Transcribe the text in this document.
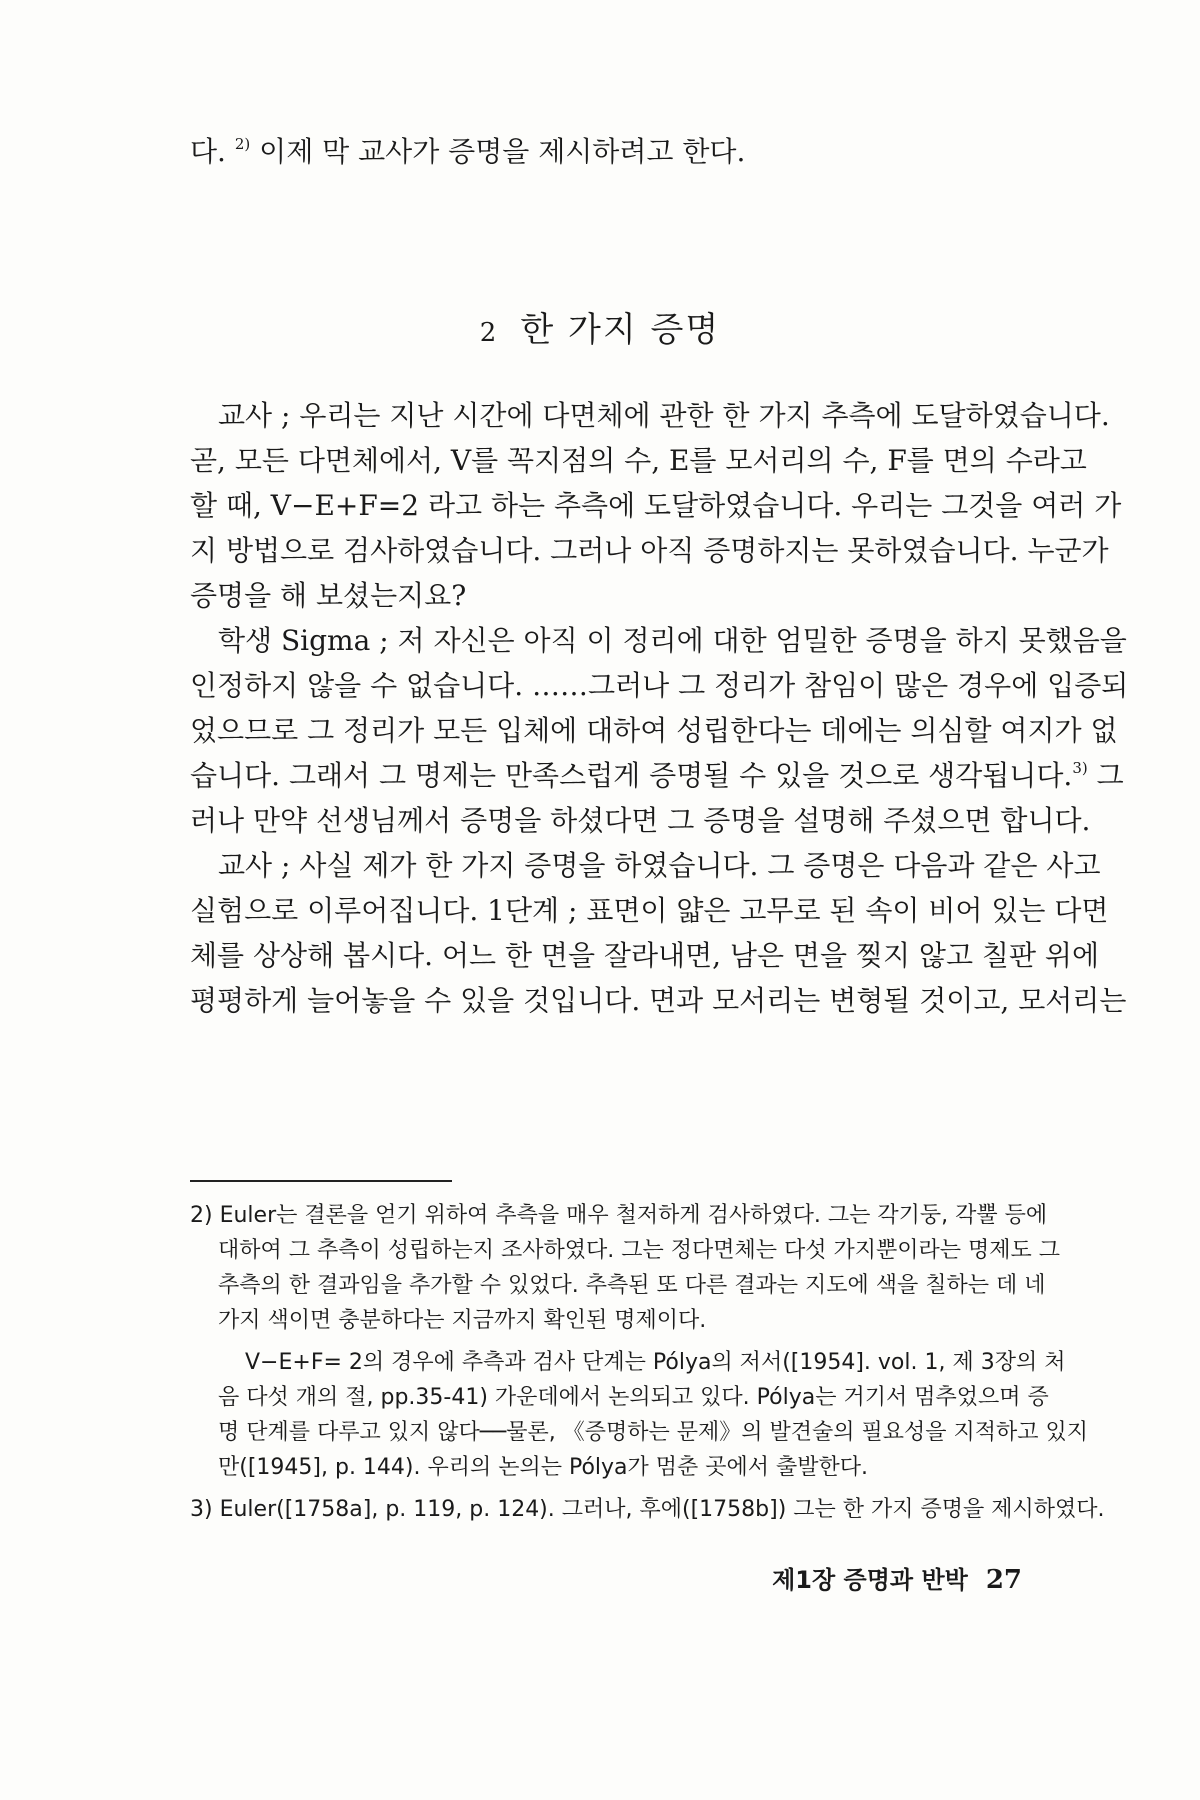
다. $^{2)}$ 이제 막 교사가 증명을 제시하려고 한다.
2 한 가지 증명
교사 ; 우리는 지난 시간에 다면체에 관한 한 가지 추측에 도달하였습니다.
곧, 모든 다면체에서, V를 꼭지점의 수, E를 모서리의 수, F를 면의 수라고
할 때, V−E+F=2 라고 하는 추측에 도달하였습니다. 우리는 그것을 여러 가
지 방법으로 검사하였습니다. 그러나 아직 증명하지는 못하였습니다. 누군가
증명을 해 보셨는지요?
학생 Sigma ; 저 자신은 아직 이 정리에 대한 엄밀한 증명을 하지 못했음을
인정하지 않을 수 없습니다. ……그러나 그 정리가 참임이 많은 경우에 입증되
었으므로 그 정리가 모든 입체에 대하여 성립한다는 데에는 의심할 여지가 없
습니다. 그래서 그 명제는 만족스럽게 증명될 수 있을 것으로 생각됩니다.$^{3)}$ 그
러나 만약 선생님께서 증명을 하셨다면 그 증명을 설명해 주셨으면 합니다.
교사 ; 사실 제가 한 가지 증명을 하였습니다. 그 증명은 다음과 같은 사고
실험으로 이루어집니다. 1단계 ; 표면이 얇은 고무로 된 속이 비어 있는 다면
체를 상상해 봅시다. 어느 한 면을 잘라내면, 남은 면을 찢지 않고 칠판 위에
평평하게 늘어놓을 수 있을 것입니다. 면과 모서리는 변형될 것이고, 모서리는
2) Euler는 결론을 얻기 위하여 추측을 매우 철저하게 검사하였다. 그는 각기둥, 각뿔 등에
대하여 그 추측이 성립하는지 조사하였다. 그는 정다면체는 다섯 가지뿐이라는 명제도 그
추측의 한 결과임을 추가할 수 있었다. 추측된 또 다른 결과는 지도에 색을 칠하는 데 네
가지 색이면 충분하다는 지금까지 확인된 명제이다.
V−E+F= 2의 경우에 추측과 검사 단계는 Pólya의 저서([1954]. vol. 1, 제 3장의 처
음 다섯 개의 절, pp.35-41) 가운데에서 논의되고 있다. Pólya는 거기서 멈추었으며 증
명 단계를 다루고 있지 않다──물론, 《증명하는 문제》의 발견술의 필요성을 지적하고 있지
만([1945], p. 144). 우리의 논의는 Pólya가 멈춘 곳에서 출발한다.
3) Euler([1758a], p. 119, p. 124). 그러나, 후에([1758b]) 그는 한 가지 증명을 제시하였다.
제1장 증명과 반박 27
